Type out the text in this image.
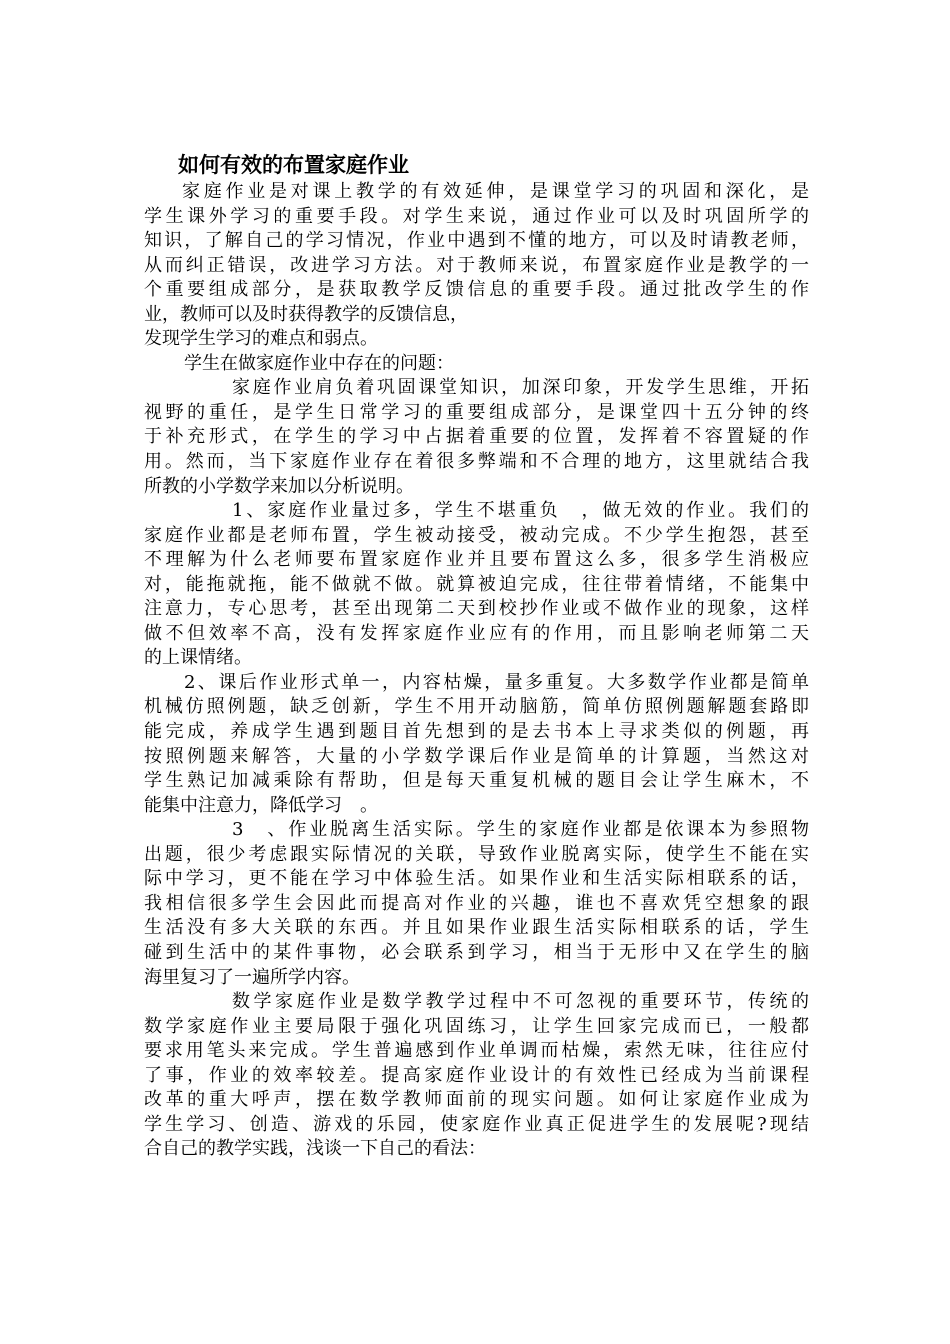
如何有效的布置家庭作业
家庭作业是对课上教学的有效延伸，是课堂学习的巩固和深化，是
学生课外学习的重要手段。对学生来说，通过作业可以及时巩固所学的
知识，了解自己的学习情况，作业中遇到不懂的地方，可以及时请教老师，
从而纠正错误，改进学习方法。对于教师来说，布置家庭作业是教学的一
个重要组成部分，是获取教学反馈信息的重要手段。通过批改学生的作
业，教师可以及时获得教学的反馈信息，
发现学生学习的难点和弱点。
学生在做家庭作业中存在的问题：
家庭作业肩负着巩固课堂知识，加深印象，开发学生思维，开拓
视野的重任，是学生日常学习的重要组成部分，是课堂四十五分钟的终
于补充形式，在学生的学习中占据着重要的位置，发挥着不容置疑的作
用。然而，当下家庭作业存在着很多弊端和不合理的地方，这里就结合我
所教的小学数学来加以分析说明。
1、家庭作业量过多，学生不堪重负　，做无效的作业。我们的
家庭作业都是老师布置，学生被动接受，被动完成。不少学生抱怨，甚至
不理解为什么老师要布置家庭作业并且要布置这么多，很多学生消极应
对，能拖就拖，能不做就不做。就算被迫完成，往往带着情绪，不能集中
注意力，专心思考，甚至出现第二天到校抄作业或不做作业的现象，这样
做不但效率不高，没有发挥家庭作业应有的作用，而且影响老师第二天
的上课情绪。
2、课后作业形式单一，内容枯燥，量多重复。大多数学作业都是简单
机械仿照例题，缺乏创新，学生不用开动脑筋，简单仿照例题解题套路即
能完成，养成学生遇到题目首先想到的是去书本上寻求类似的例题，再
按照例题来解答，大量的小学数学课后作业是简单的计算题，当然这对
学生熟记加减乘除有帮助，但是每天重复机械的题目会让学生麻木，不
能集中注意力，降低学习　。
3　、作业脱离生活实际。学生的家庭作业都是依课本为参照物
出题，很少考虑跟实际情况的关联，导致作业脱离实际，使学生不能在实
际中学习，更不能在学习中体验生活。如果作业和生活实际相联系的话，
我相信很多学生会因此而提高对作业的兴趣，谁也不喜欢凭空想象的跟
生活没有多大关联的东西。并且如果作业跟生活实际相联系的话，学生
碰到生活中的某件事物，必会联系到学习，相当于无形中又在学生的脑
海里复习了一遍所学内容。
数学家庭作业是数学教学过程中不可忽视的重要环节，传统的
数学家庭作业主要局限于强化巩固练习，让学生回家完成而已，一般都
要求用笔头来完成。学生普遍感到作业单调而枯燥，索然无味，往往应付
了事，作业的效率较差。提高家庭作业设计的有效性已经成为当前课程
改革的重大呼声，摆在数学教师面前的现实问题。如何让家庭作业成为
学生学习、创造、游戏的乐园，使家庭作业真正促进学生的发展呢?现结
合自己的教学实践，浅谈一下自己的看法：
